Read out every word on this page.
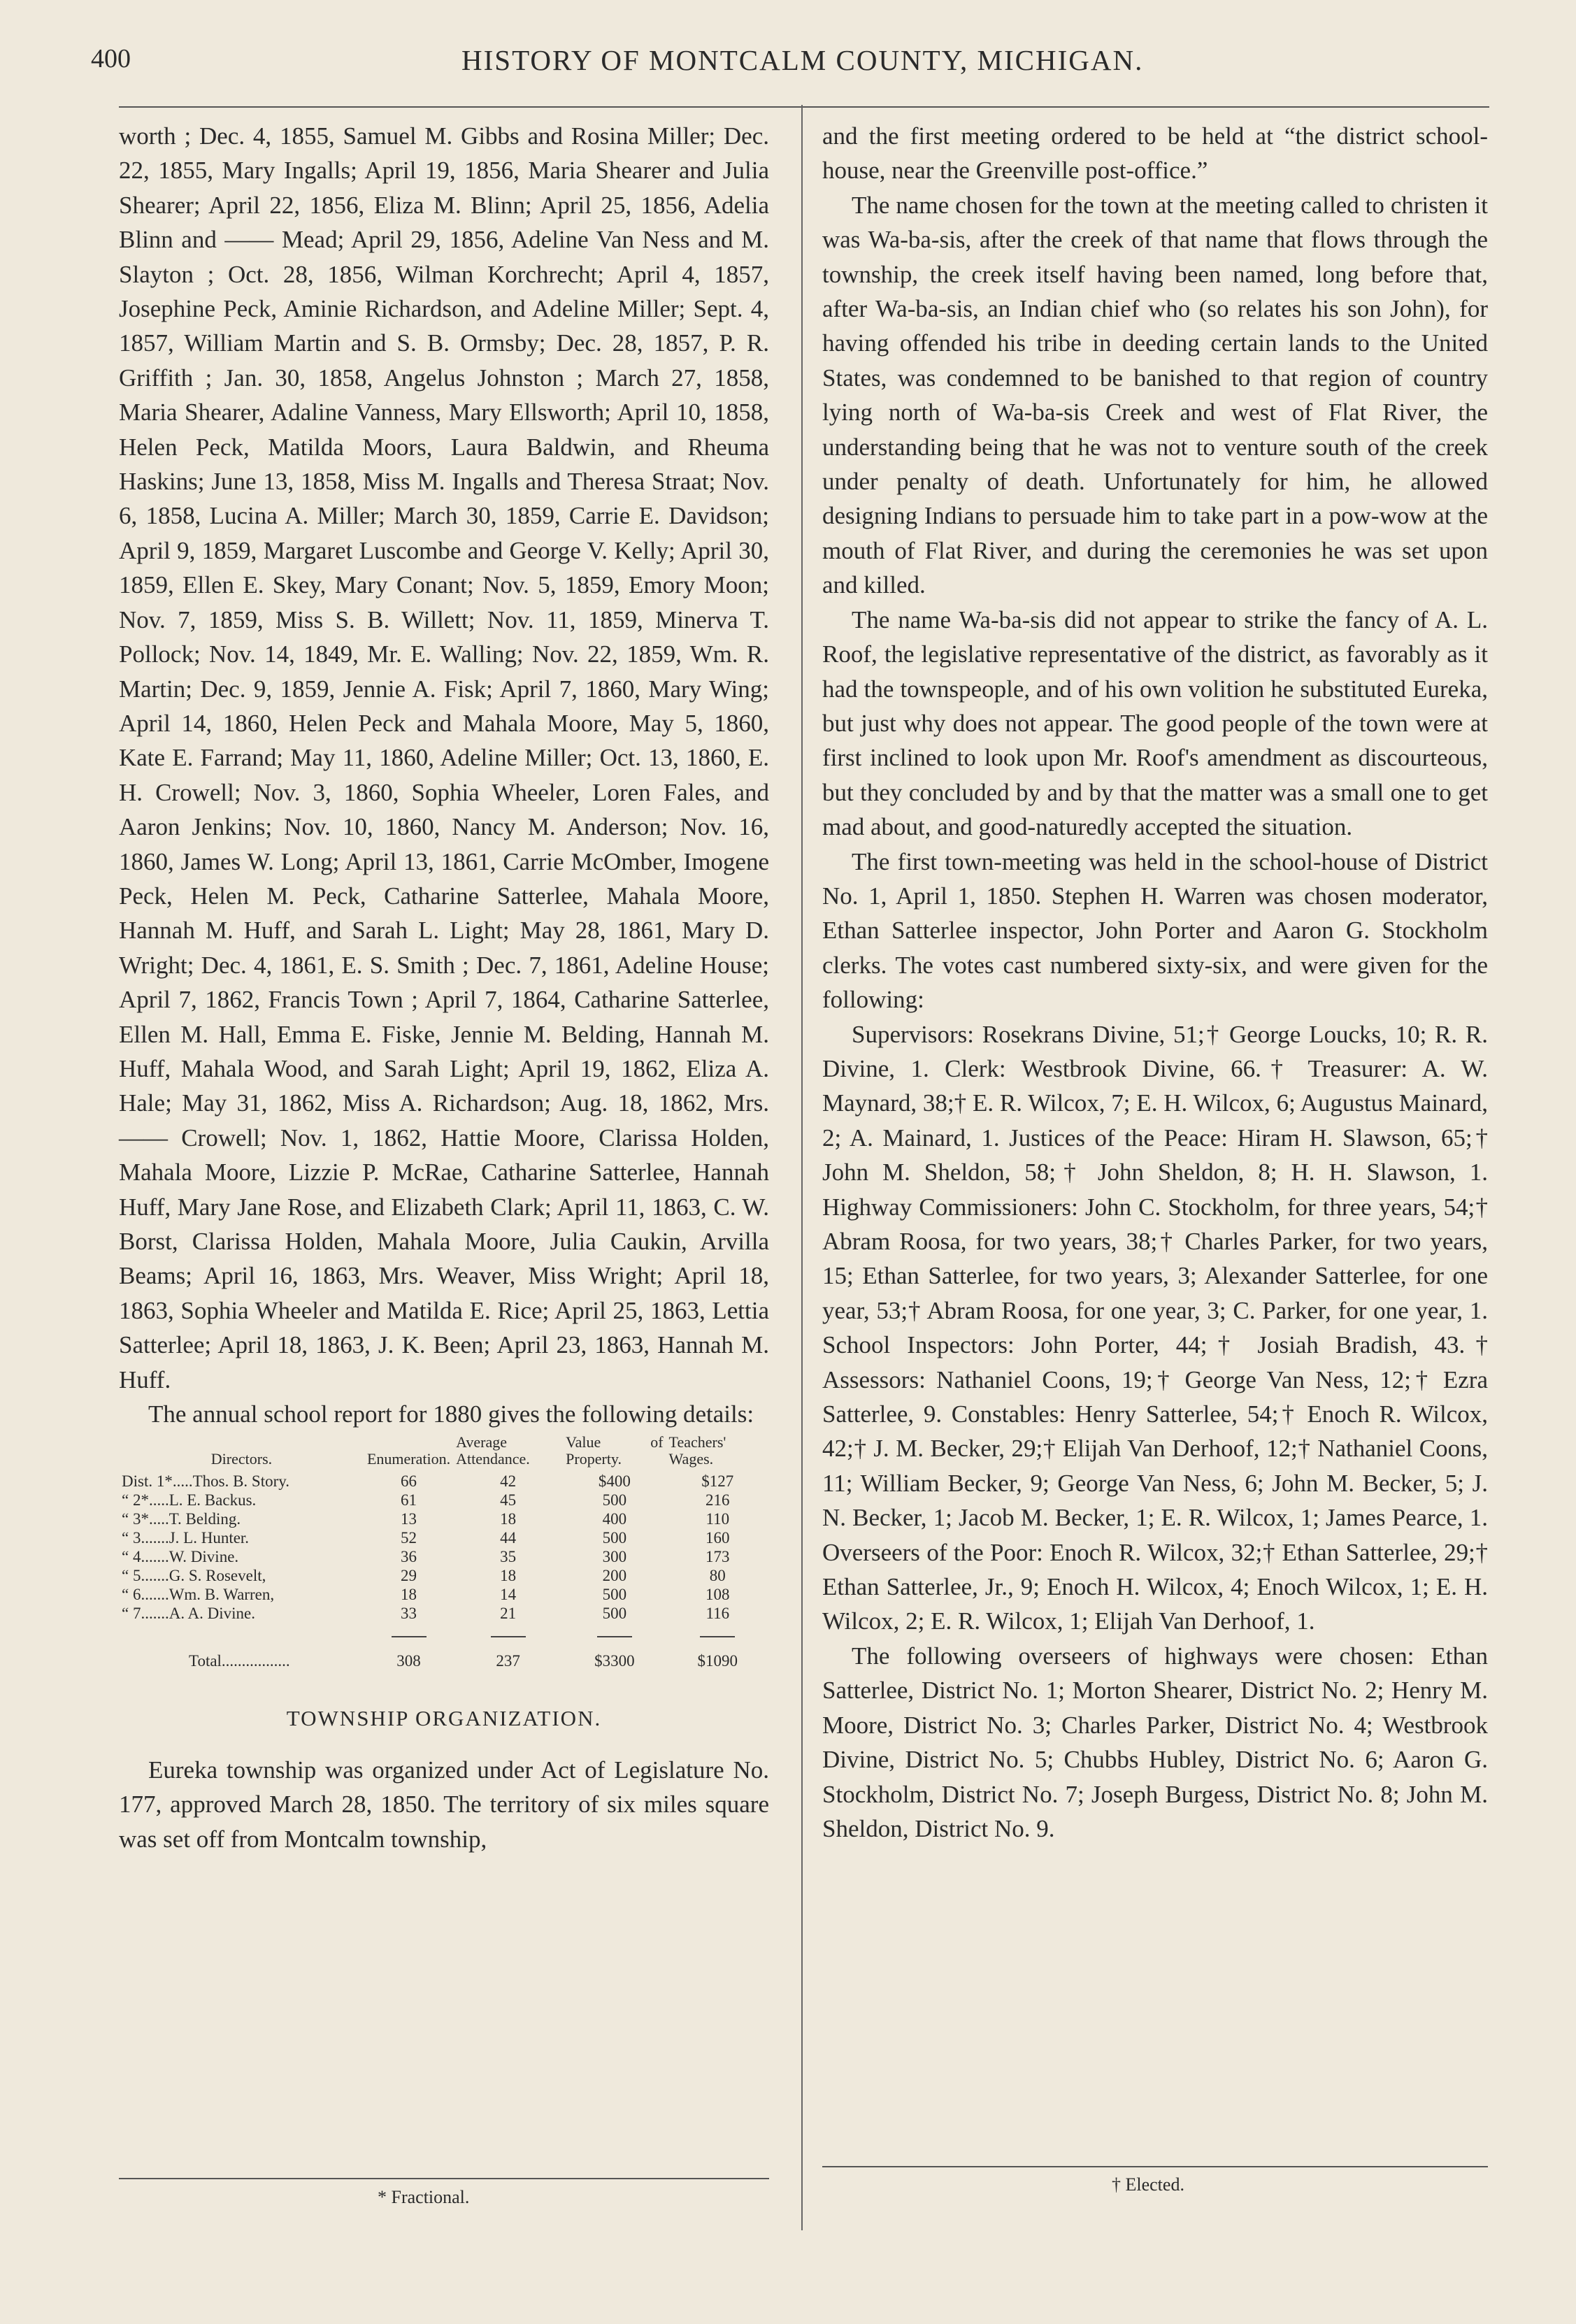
400	HISTORY OF MONTCALM COUNTY, MICHIGAN.

worth ; Dec. 4, 1855, Samuel M. Gibbs and Rosina Miller; Dec. 22, 1855, Mary Ingalls; April 19, 1856, Maria Shearer and Julia Shearer; April 22, 1856, Eliza M. Blinn; April 25, 1856, Adelia Blinn and —— Mead; April 29, 1856, Adeline Van Ness and M. Slayton ; Oct. 28, 1856, Wilman Korchrecht; April 4, 1857, Josephine Peck, Aminie Richardson, and Adeline Miller; Sept. 4, 1857, William Martin and S. B. Ormsby; Dec. 28, 1857, P. R. Griffith ; Jan. 30, 1858, Angelus Johnston ; March 27, 1858, Maria Shearer, Adaline Vanness, Mary Ellsworth; April 10, 1858, Helen Peck, Matilda Moors, Laura Baldwin, and Rheuma Haskins; June 13, 1858, Miss M. Ingalls and Theresa Straat; Nov. 6, 1858, Lucina A. Miller; March 30, 1859, Carrie E. Davidson; April 9, 1859, Margaret Luscombe and George V. Kelly; April 30, 1859, Ellen E. Skey, Mary Conant; Nov. 5, 1859, Emory Moon; Nov. 7, 1859, Miss S. B. Willett; Nov. 11, 1859, Minerva T. Pollock; Nov. 14, 1849, Mr. E. Walling; Nov. 22, 1859, Wm. R. Martin; Dec. 9, 1859, Jennie A. Fisk; April 7, 1860, Mary Wing; April 14, 1860, Helen Peck and Mahala Moore, May 5, 1860, Kate E. Farrand; May 11, 1860, Adeline Miller; Oct. 13, 1860, E. H. Crowell; Nov. 3, 1860, Sophia Wheeler, Loren Fales, and Aaron Jenkins; Nov. 10, 1860, Nancy M. Anderson; Nov. 16, 1860, James W. Long; April 13, 1861, Carrie McOmber, Imogene Peck, Helen M. Peck, Catharine Satterlee, Mahala Moore, Hannah M. Huff, and Sarah L. Light; May 28, 1861, Mary D. Wright; Dec. 4, 1861, E. S. Smith ; Dec. 7, 1861, Adeline House; April 7, 1862, Francis Town ; April 7, 1864, Catharine Satterlee, Ellen M. Hall, Emma E. Fiske, Jennie M. Belding, Hannah M. Huff, Mahala Wood, and Sarah Light; April 19, 1862, Eliza A. Hale; May 31, 1862, Miss A. Richardson; Aug. 18, 1862, Mrs. —— Crowell; Nov. 1, 1862, Hattie Moore, Clarissa Holden, Mahala Moore, Lizzie P. McRae, Catharine Satterlee, Hannah Huff, Mary Jane Rose, and Elizabeth Clark; April 11, 1863, C. W. Borst, Clarissa Holden, Mahala Moore, Julia Caukin, Arvilla Beams; April 16, 1863, Mrs. Weaver, Miss Wright; April 18, 1863, Sophia Wheeler and Matilda E. Rice; April 25, 1863, Lettia Satterlee; April 18, 1863, J. K. Been; April 23, 1863, Hannah M. Huff.

The annual school report for 1880 gives the following details:

Directors.	Enumeration.	Average Attendance.	Value of Property.	Teachers' Wages.
Dist. 1*.....Thos. B. Story.	66	42	$400	$127
“ 2*.....L. E. Backus.	61	45	500	216
“ 3*.....T. Belding.	13	18	400	110
“ 3.......J. L. Hunter.	52	44	500	160
“ 4.......W. Divine.	36	35	300	173
“ 5.......G. S. Rosevelt,	29	18	200	80
“ 6.......Wm. B. Warren,	18	14	500	108
“ 7.......A. A. Divine.	33	21	500	116

Total.................	308	237	$3300	$1090
TOWNSHIP ORGANIZATION.

Eureka township was organized under Act of Legislature No. 177, approved March 28, 1850. The territory of six miles square was set off from Montcalm township,

and the first meeting ordered to be held at “the district school-house, near the Greenville post-office.”

The name chosen for the town at the meeting called to christen it was Wa-ba-sis, after the creek of that name that flows through the township, the creek itself having been named, long before that, after Wa-ba-sis, an Indian chief who (so relates his son John), for having offended his tribe in deeding certain lands to the United States, was condemned to be banished to that region of country lying north of Wa-ba-sis Creek and west of Flat River, the understanding being that he was not to venture south of the creek under penalty of death. Unfortunately for him, he allowed designing Indians to persuade him to take part in a pow-wow at the mouth of Flat River, and during the ceremonies he was set upon and killed.

The name Wa-ba-sis did not appear to strike the fancy of A. L. Roof, the legislative representative of the district, as favorably as it had the townspeople, and of his own volition he substituted Eureka, but just why does not appear. The good people of the town were at first inclined to look upon Mr. Roof's amendment as discourteous, but they concluded by and by that the matter was a small one to get mad about, and good-naturedly accepted the situation.

The first town-meeting was held in the school-house of District No. 1, April 1, 1850. Stephen H. Warren was chosen moderator, Ethan Satterlee inspector, John Porter and Aaron G. Stockholm clerks. The votes cast numbered sixty-six, and were given for the following:

Supervisors: Rosekrans Divine, 51;† George Loucks, 10; R. R. Divine, 1. Clerk: Westbrook Divine, 66.† Treasurer: A. W. Maynard, 38;† E. R. Wilcox, 7; E. H. Wilcox, 6; Augustus Mainard, 2; A. Mainard, 1. Justices of the Peace: Hiram H. Slawson, 65;† John M. Sheldon, 58;† John Sheldon, 8; H. H. Slawson, 1. Highway Commissioners: John C. Stockholm, for three years, 54;† Abram Roosa, for two years, 38;† Charles Parker, for two years, 15; Ethan Satterlee, for two years, 3; Alexander Satterlee, for one year, 53;† Abram Roosa, for one year, 3; C. Parker, for one year, 1. School Inspectors: John Porter, 44;† Josiah Bradish, 43.† Assessors: Nathaniel Coons, 19;† George Van Ness, 12;† Ezra Satterlee, 9. Constables: Henry Satterlee, 54;† Enoch R. Wilcox, 42;† J. M. Becker, 29;† Elijah Van Derhoof, 12;† Nathaniel Coons, 11; William Becker, 9; George Van Ness, 6; John M. Becker, 5; J. N. Becker, 1; Jacob M. Becker, 1; E. R. Wilcox, 1; James Pearce, 1. Overseers of the Poor: Enoch R. Wilcox, 32;† Ethan Satterlee, 29;† Ethan Satterlee, Jr., 9; Enoch H. Wilcox, 4; Enoch Wilcox, 1; E. H. Wilcox, 2; E. R. Wilcox, 1; Elijah Van Derhoof, 1.

The following overseers of highways were chosen: Ethan Satterlee, District No. 1; Morton Shearer, District No. 2; Henry M. Moore, District No. 3; Charles Parker, District No. 4; Westbrook Divine, District No. 5; Chubbs Hubley, District No. 6; Aaron G. Stockholm, District No. 7; Joseph Burgess, District No. 8; John M. Sheldon, District No. 9.

* Fractional.
† Elected.
